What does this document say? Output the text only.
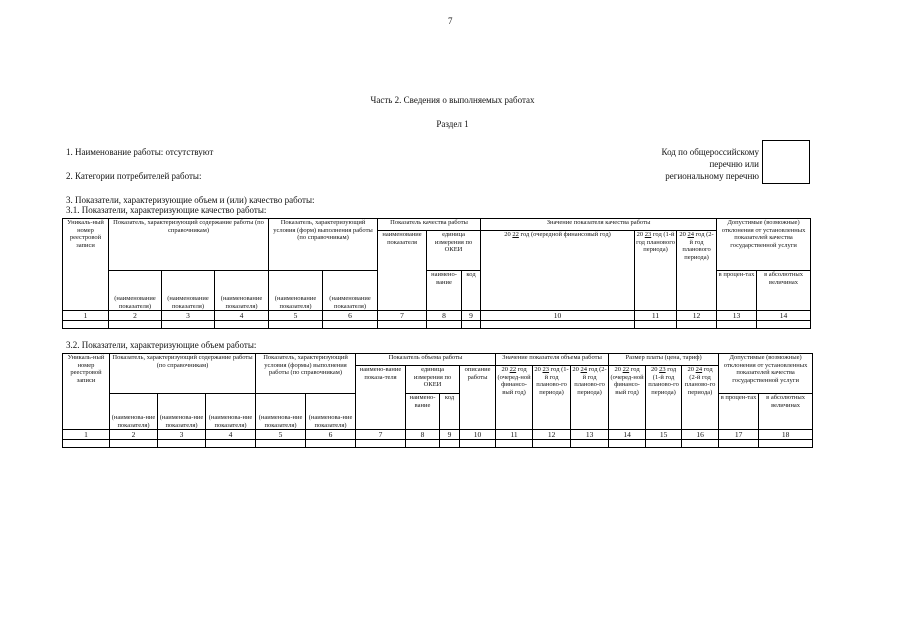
7
Часть 2. Сведения о выполняемых работах
Раздел 1
1. Наименование работы: отсутствуют
2. Категории потребителей работы:
3. Показатели, характеризующие объем и (или) качество работы:
3.1. Показатели, характеризующие качество работы:
Код по общероссийскому
перечню или
региональному перечню
Уникаль-ный номер реестровой записи	Показатель, характеризующий содержание работы (по справочникам)			Показатель, характеризующий условия (форм) выполнения работы (по справочникам)		Показатель качества работы			Значение показателя качества работы			Допустимые (возможные) отклонения от установленных показателей качества государственной услуги	
						наименование показателя	единица измерения по ОКЕИ		20 22 год (очередной финансовый год)	20 23 год (1-й год планового периода)	20 24 год (2-й год планового периода)		
	(наименование показателя)	(наименование показателя)	(наименование показателя)	(наименование показателя)	(наименование показателя)		наимено-вание	код				в процен-тах	в абсолютных величинах
1	2	3	4	5	6	7	8	9	10	11	12	13	14

3.2. Показатели, характеризующие объем работы:
Уникаль-ный номер реестровой записи	Показатель, характеризующий содержание работы (по справочникам)			Показатель, характеризующий условия (формы) выполнения работы (по справочникам)		Показатель объема работы				Значение показателя объема работы			Размер платы (цена, тариф)			Допустимые (возможные) отклонения от установленных показателей качества государственной услуги	
						наимено-вание показа-теля	единица измерения по ОКЕИ		описание работы	20 22 год (очеред-ной финансо-вый год)	20 23 год (1-й год планово-го периода)	20 24 год (2-й год планово-го периода)	20 22 год (очеред-ной финансо-вый год)	20 23 год (1-й год планово-го периода)	20 24 год (2-й год планово-го периода)		
	(наименова-ние показателя)	(наименова-ние показателя)	(наименова-ние показателя)	(наименова-ние показателя)	(наименова-ние показателя)		наимено-вание	код								в процен-тах	в абсолютных величинах
1	2	3	4	5	6	7	8	9	10	11	12	13	14	15	16	17	18
